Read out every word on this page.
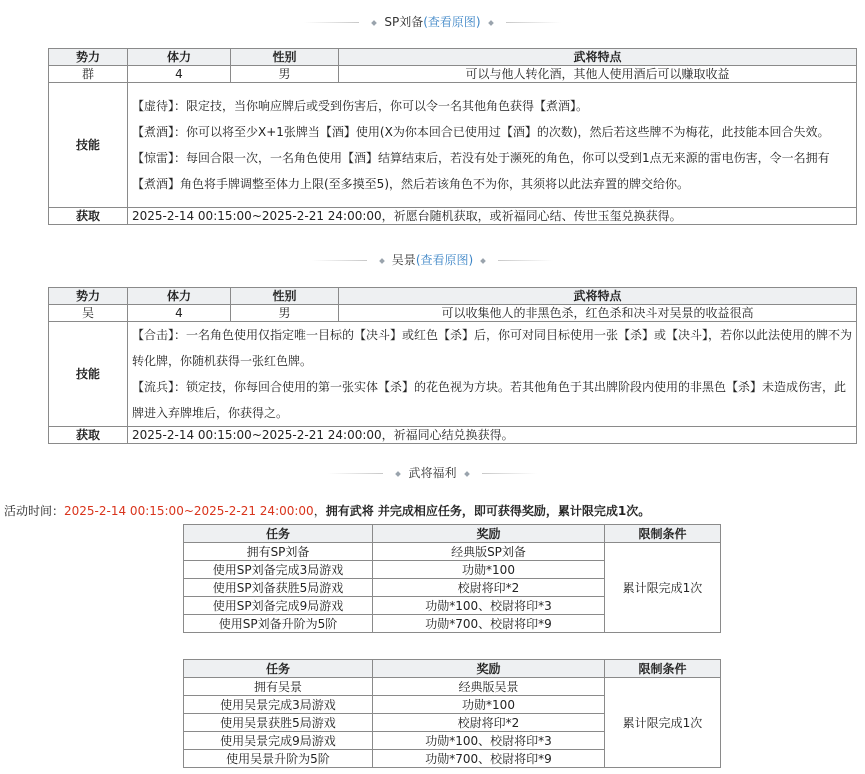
SP刘备(查看原图)
势力	体力	性别	武将特点
群	4	男	可以与他人转化酒，其他人使用酒后可以赚取收益
技能	【虚待】：限定技，当你响应牌后或受到伤害后，你可以令一名其他角色获得【煮酒】。

【煮酒】：你可以将至少X+1张牌当【酒】使用(X为你本回合已使用过【酒】的次数)，然后若这些牌不为梅花，此技能本回合失效。

【惊雷】：每回合限一次，一名角色使用【酒】结算结束后，若没有处于濒死的角色，你可以受到1点无来源的雷电伤害，令一名拥有【煮酒】角色将手牌调整至体力上限(至多摸至5)，然后若该角色不为你，其须将以此法弃置的牌交给你。		

获取	2025-2-14 00:15:00~2025-2-21 24:00:00，祈愿台随机获取，或祈福同心结、传世玉玺兑换获得。		
吴景(查看原图)
势力	体力	性别	武将特点
吴	4	男	可以收集他人的非黑色杀，红色杀和决斗对吴景的收益很高
技能	【合击】：一名角色使用仅指定唯一目标的【决斗】或红色【杀】后，你可对同目标使用一张【杀】或【决斗】，若你以此法使用的牌不为转化牌，你随机获得一张红色牌。

【流兵】：锁定技，你每回合使用的第一张实体【杀】的花色视为方块。若其他角色于其出牌阶段内使用的非黑色【杀】未造成伤害，此牌进入弃牌堆后，你获得之。		

获取	2025-2-14 00:15:00~2025-2-21 24:00:00，祈福同心结兑换获得。		
武将福利
活动时间：2025-2-14 00:15:00~2025-2-21 24:00:00，拥有武将 并完成相应任务，即可获得奖励，累计限完成1次。
任务	奖励	限制条件
拥有SP刘备	经典版SP刘备	累计限完成1次
使用SP刘备完成3局游戏	功勋*100	
使用SP刘备获胜5局游戏	校尉将印*2	
使用SP刘备完成9局游戏	功勋*100、校尉将印*3	
使用SP刘备升阶为5阶	功勋*700、校尉将印*9	
任务	奖励	限制条件
拥有吴景	经典版吴景	累计限完成1次
使用吴景完成3局游戏	功勋*100	
使用吴景获胜5局游戏	校尉将印*2	
使用吴景完成9局游戏	功勋*100、校尉将印*3	
使用吴景升阶为5阶	功勋*700、校尉将印*9	
